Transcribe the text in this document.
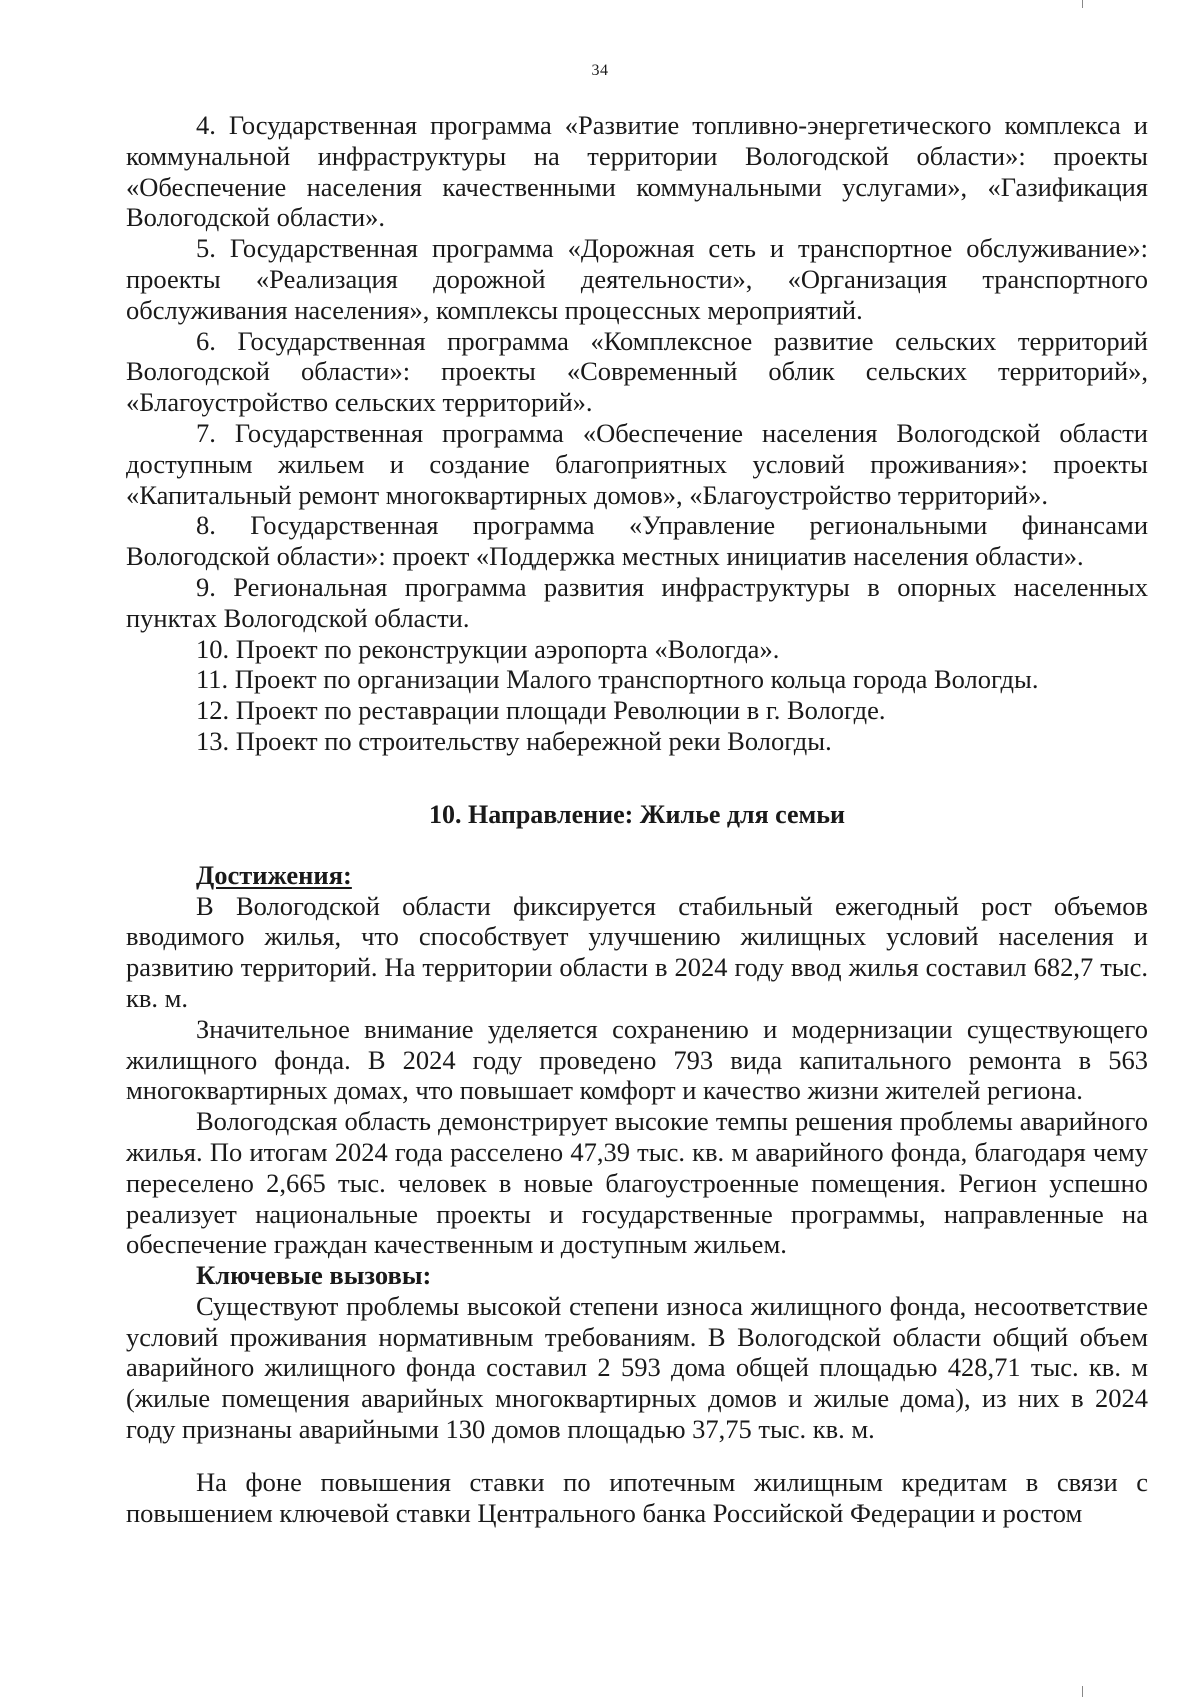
34

4. Государственная программа «Развитие топливно-энергетического комплекса и коммунальной инфраструктуры на территории Вологодской области»: проекты «Обеспечение населения качественными коммунальными услугами», «Газификация Вологодской области».

5. Государственная программа «Дорожная сеть и транспортное обслуживание»: проекты «Реализация дорожной деятельности», «Организация транспортного обслуживания населения», комплексы процессных мероприятий.

6. Государственная программа «Комплексное развитие сельских территорий Вологодской области»: проекты «Современный облик сельских территорий», «Благоустройство сельских территорий».

7. Государственная программа «Обеспечение населения Вологодской области доступным жильем и создание благоприятных условий проживания»: проекты «Капитальный ремонт многоквартирных домов», «Благоустройство территорий».

8. Государственная программа «Управление региональными финансами Вологодской области»: проект «Поддержка местных инициатив населения области».

9. Региональная программа развития инфраструктуры в опорных населенных пунктах Вологодской области.

10. Проект по реконструкции аэропорта «Вологда».

11. Проект по организации Малого транспортного кольца города Вологды.

12. Проект по реставрации площади Революции в г. Вологде.

13. Проект по строительству набережной реки Вологды.

10. Направление: Жилье для семьи

Достижения:

В Вологодской области фиксируется стабильный ежегодный рост объемов вводимого жилья, что способствует улучшению жилищных условий населения и развитию территорий. На территории области в 2024 году ввод жилья составил 682,7 тыс. кв. м.

Значительное внимание уделяется сохранению и модернизации существующего жилищного фонда. В 2024 году проведено 793 вида капитального ремонта в 563 многоквартирных домах, что повышает комфорт и качество жизни жителей региона.

Вологодская область демонстрирует высокие темпы решения проблемы аварийного жилья. По итогам 2024 года расселено 47,39 тыс. кв. м аварийного фонда, благодаря чему переселено 2,665 тыс. человек в новые благоустроенные помещения. Регион успешно реализует национальные проекты и государственные программы, направленные на обеспечение граждан качественным и доступным жильем.

Ключевые вызовы:

Существуют проблемы высокой степени износа жилищного фонда, несоответствие условий проживания нормативным требованиям. В Вологодской области общий объем аварийного жилищного фонда составил 2 593 дома общей площадью 428,71 тыс. кв. м (жилые помещения аварийных многоквартирных домов и жилые дома), из них в 2024 году признаны аварийными 130 домов площадью 37,75 тыс. кв. м.

На фоне повышения ставки по ипотечным жилищным кредитам в связи с повышением ключевой ставки Центрального банка Российской Федерации и ростом
